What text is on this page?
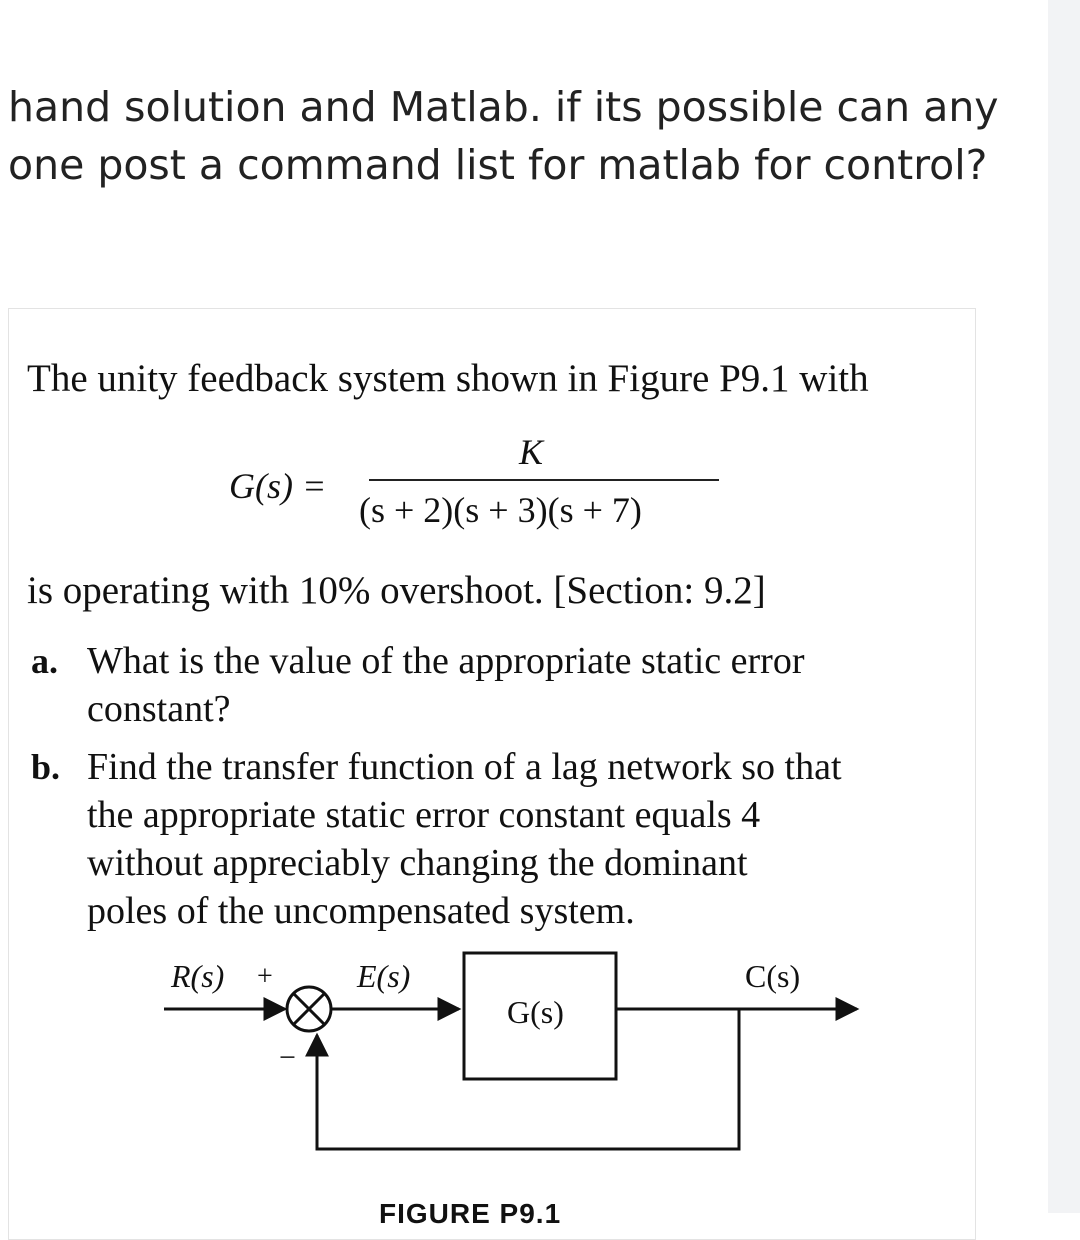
hand solution and Matlab. if its possible can any
one post a command list for matlab for control?
The unity feedback system shown in Figure P9.1 with
G(s) =
K
(s + 2)(s + 3)(s + 7)
is operating with 10% overshoot. [Section: 9.2]
a. What is the value of the appropriate static error
constant?
b. Find the transfer function of a lag network so that
the appropriate static error constant equals 4
without appreciably changing the dominant
poles of the uncompensated system.
R(s) +
−
E(s)
G(s)
C(s)
FIGURE P9.1
